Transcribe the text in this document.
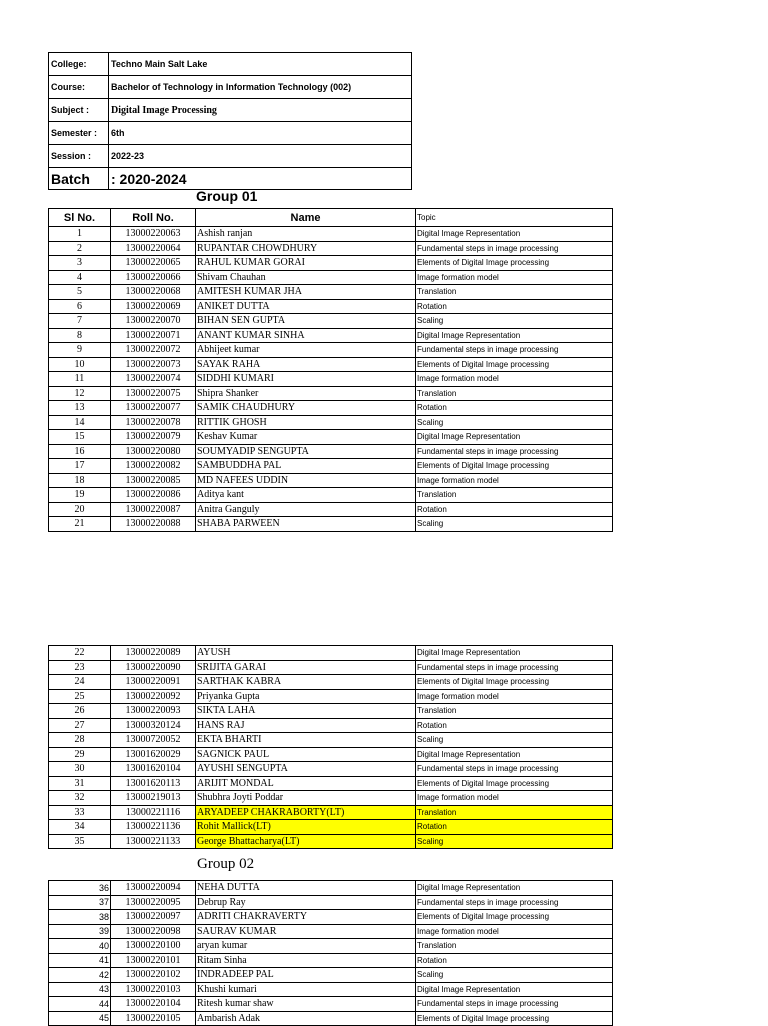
College:	Techno Main Salt Lake
Course:	Bachelor of Technology in Information Technology (002)
Subject :	Digital Image Processing
Semester :	6th
Session :	2022-23
Batch	: 2020-2024
Group 01
Sl No.	Roll No.	Name	Topic
1	13000220063	Ashish ranjan	Digital Image Representation
2	13000220064	RUPANTAR CHOWDHURY	Fundamental steps in image processing
3	13000220065	RAHUL KUMAR GORAI	Elements of Digital Image processing
4	13000220066	Shivam Chauhan	Image formation model
5	13000220068	AMITESH KUMAR JHA	Translation
6	13000220069	ANIKET DUTTA	Rotation
7	13000220070	BIHAN SEN GUPTA	Scaling
8	13000220071	ANANT KUMAR SINHA	Digital Image Representation
9	13000220072	Abhijeet kumar	Fundamental steps in image processing
10	13000220073	SAYAK RAHA	Elements of Digital Image processing
11	13000220074	SIDDHI KUMARI	Image formation model
12	13000220075	Shipra Shanker	Translation
13	13000220077	SAMIK CHAUDHURY	Rotation
14	13000220078	RITTIK GHOSH	Scaling
15	13000220079	Keshav Kumar	Digital Image Representation
16	13000220080	SOUMYADIP SENGUPTA	Fundamental steps in image processing
17	13000220082	SAMBUDDHA PAL	Elements of Digital Image processing
18	13000220085	MD NAFEES UDDIN	Image formation model
19	13000220086	Aditya kant	Translation
20	13000220087	Anitra Ganguly	Rotation
21	13000220088	SHABA PARWEEN	Scaling
22	13000220089	AYUSH	Digital Image Representation
23	13000220090	SRIJITA GARAI	Fundamental steps in image processing
24	13000220091	SARTHAK KABRA	Elements of Digital Image processing
25	13000220092	Priyanka Gupta	Image formation model
26	13000220093	SIKTA LAHA	Translation
27	13000320124	HANS RAJ	Rotation
28	13000720052	EKTA BHARTI	Scaling
29	13001620029	SAGNICK PAUL	Digital Image Representation
30	13001620104	AYUSHI SENGUPTA	Fundamental steps in image processing
31	13001620113	ARIJIT MONDAL	Elements of Digital Image processing
32	13000219013	Shubhra Joyti Poddar	Image formation model
33	13000221116	ARYADEEP CHAKRABORTY(LT)	Translation
34	13000221136	Rohit Mallick(LT)	Rotation
35	13000221133	George Bhattacharya(LT)	Scaling
Group 02
36	13000220094	NEHA DUTTA	Digital Image Representation
37	13000220095	Debrup Ray	Fundamental steps in image processing
38	13000220097	ADRITI CHAKRAVERTY	Elements of Digital Image processing
39	13000220098	SAURAV KUMAR	Image formation model
40	13000220100	aryan kumar	Translation
41	13000220101	Ritam Sinha	Rotation
42	13000220102	INDRADEEP PAL	Scaling
43	13000220103	Khushi kumari	Digital Image Representation
44	13000220104	Ritesh kumar shaw	Fundamental steps in image processing
45	13000220105	Ambarish Adak	Elements of Digital Image processing
